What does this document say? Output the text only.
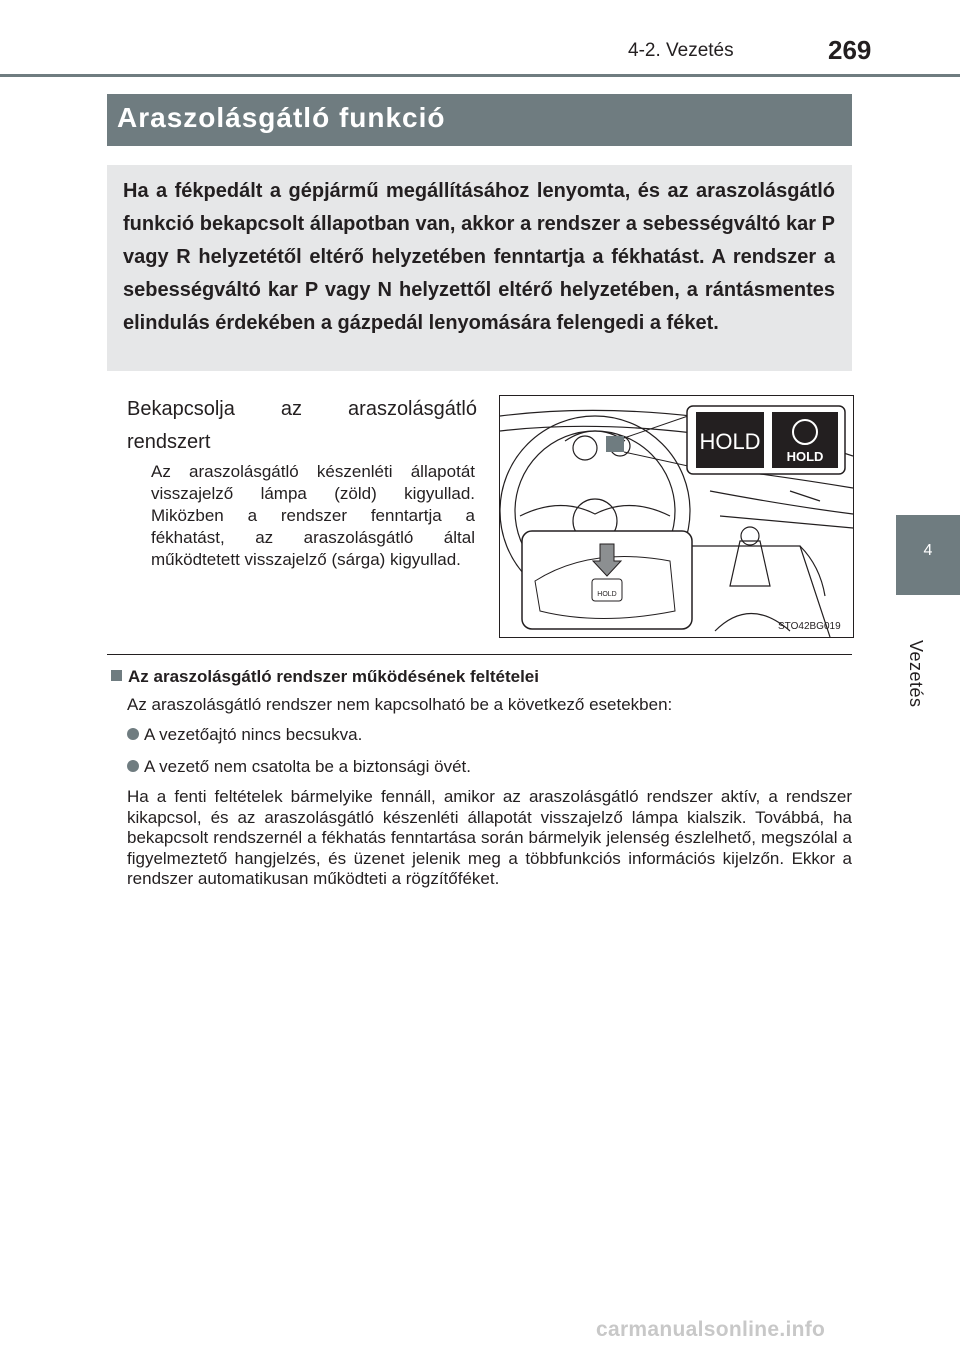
4-2. Vezetés	269
4
Vezetés
Araszolásgátló funkció
Ha a fékpedált a gépjármű megállításához lenyomta, és az araszolásgátló funkció bekapcsolt állapotban van, akkor a rendszer a sebességváltó kar P vagy R helyzetétől eltérő helyzetében fenntartja a fékhatást. A rendszer a sebességváltó kar P vagy N helyzettől eltérő helyzetében, a rántásmentes elindulás érdekében a gázpedál lenyomására felengedi a féket.
Bekapcsolja az araszolásgátló rendszert
Az araszolásgátló készenléti állapotát visszajelző lámpa (zöld) kigyullad. Miközben a rendszer fenntartja a fékhatást, az araszolásgátló által működtetett visszajelző (sárga) kigyullad.
HOLD
HOLD
HOLD
STO42BG019
Az araszolásgátló rendszer működésének feltételei
Az araszolásgátló rendszer nem kapcsolható be a következő esetekben:
A vezetőajtó nincs becsukva.
A vezető nem csatolta be a biztonsági övét.
Ha a fenti feltételek bármelyike fennáll, amikor az araszolásgátló rendszer aktív, a rendszer kikapcsol, és az araszolásgátló készenléti állapotát visszajelző lámpa kialszik. Továbbá, ha bekapcsolt rendszernél a fékhatás fenntartása során bármelyik jelenség észlelhető, megszólal a figyelmeztető hangjelzés, és üzenet jelenik meg a többfunkciós információs kijelzőn. Ekkor a rendszer automatikusan működteti a rögzítőféket.
carmanualsonline.info
